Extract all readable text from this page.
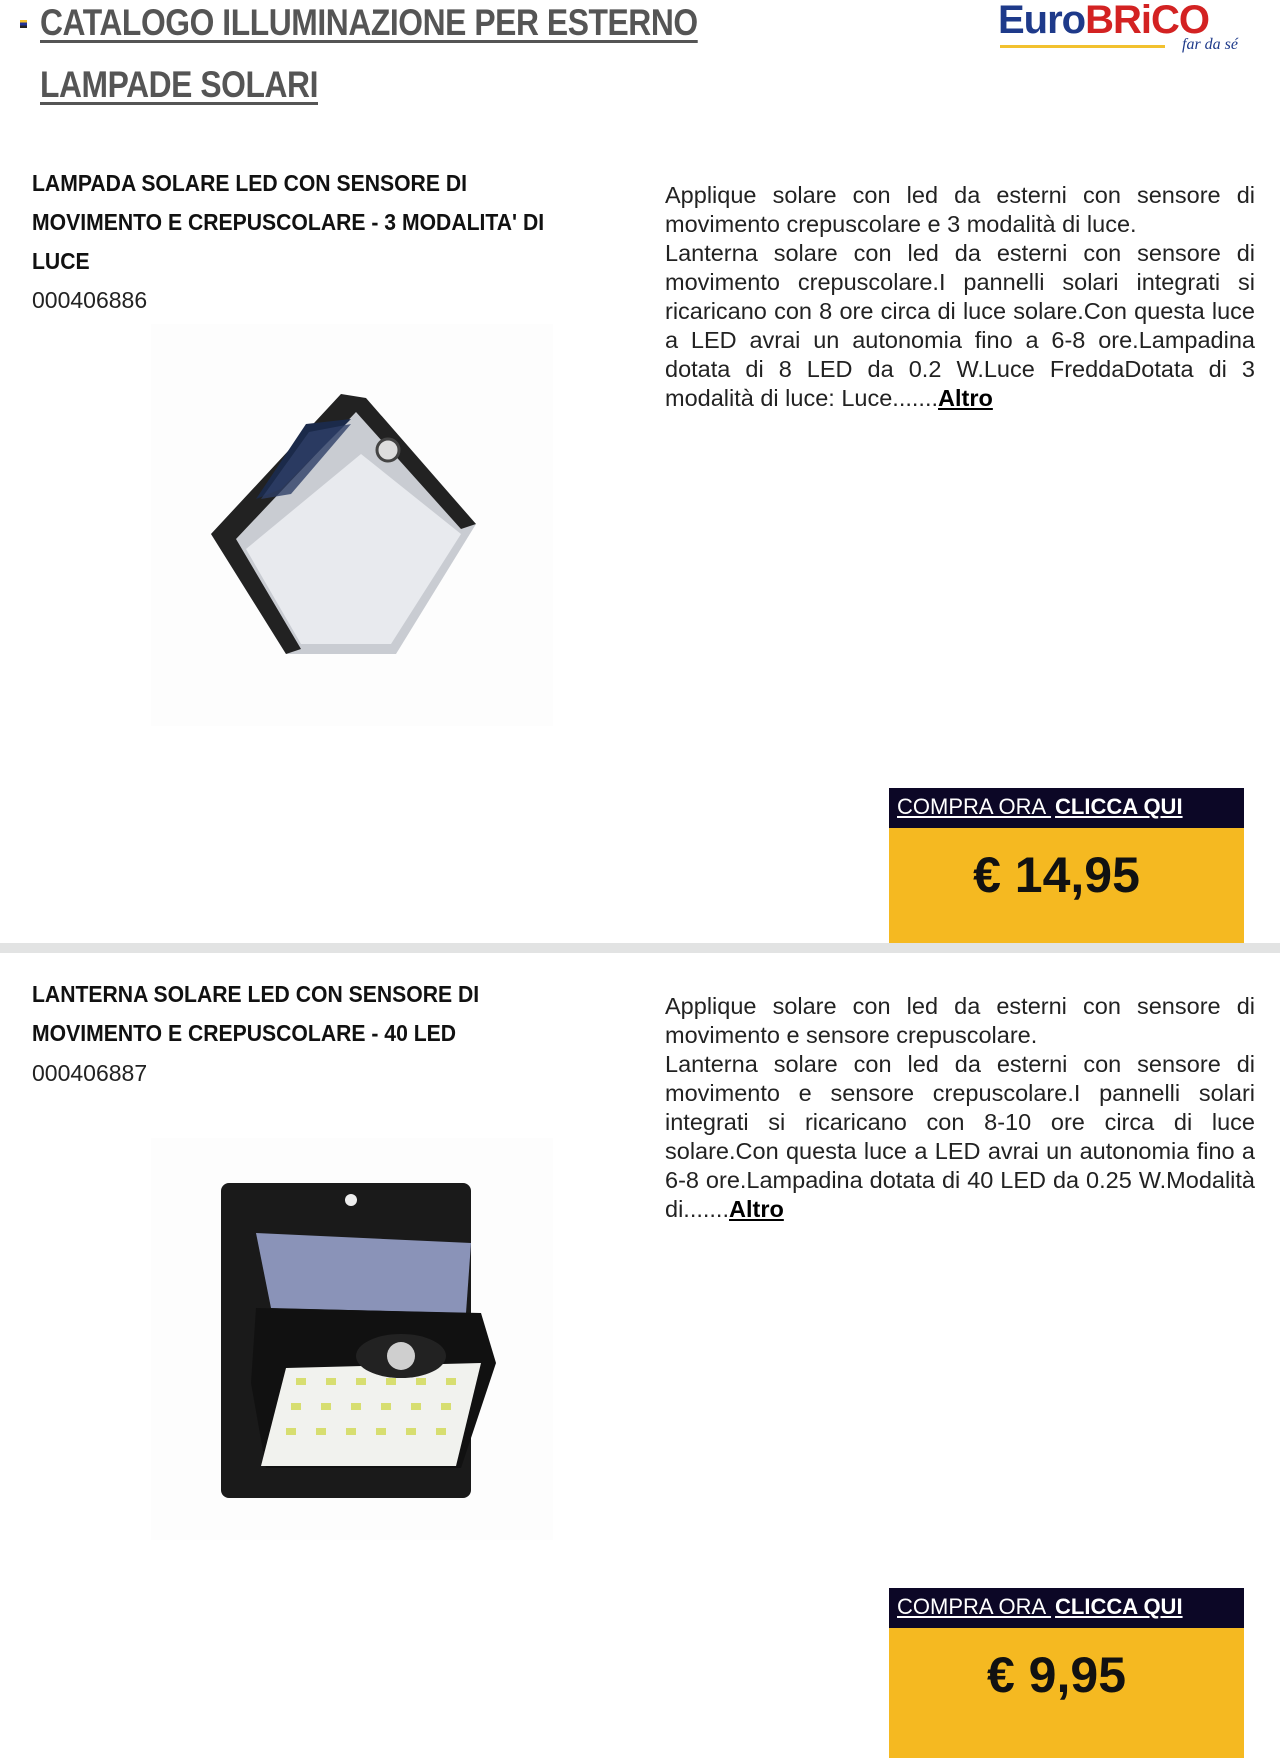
CATALOGO ILLUMINAZIONE PER ESTERNO
LAMPADE SOLARI
EuroBRiCO
far da sé
LAMPADA SOLARE LED CON SENSORE DI MOVIMENTO E CREPUSCOLARE - 3 MODALITA' DI LUCE
000406886
Applique solare con led da esterni con sensore di movimento crepuscolare e 3 modalità di luce.
Lanterna solare con led da esterni con sensore di movimento crepuscolare.I pannelli solari integrati si ricaricano con 8 ore circa di luce solare.Con questa luce a LED avrai un autonomia fino a 6-8 ore.Lampadina dotata di 8 LED da 0.2 W.Luce FreddaDotata di 3 modalità di luce: Luce.......Altro
COMPRA ORA CLICCA QUI
€ 14,95
LANTERNA SOLARE LED CON SENSORE DI MOVIMENTO E CREPUSCOLARE - 40 LED
000406887
Applique solare con led da esterni con sensore di movimento e sensore crepuscolare.
Lanterna solare con led da esterni con sensore di movimento e sensore crepuscolare.I pannelli solari integrati si ricaricano con 8-10 ore circa di luce solare.Con questa luce a LED avrai un autonomia fino a 6-8 ore.Lampadina dotata di 40 LED da 0.25 W.Modalità di.......Altro
COMPRA ORA CLICCA QUI
€ 9,95
